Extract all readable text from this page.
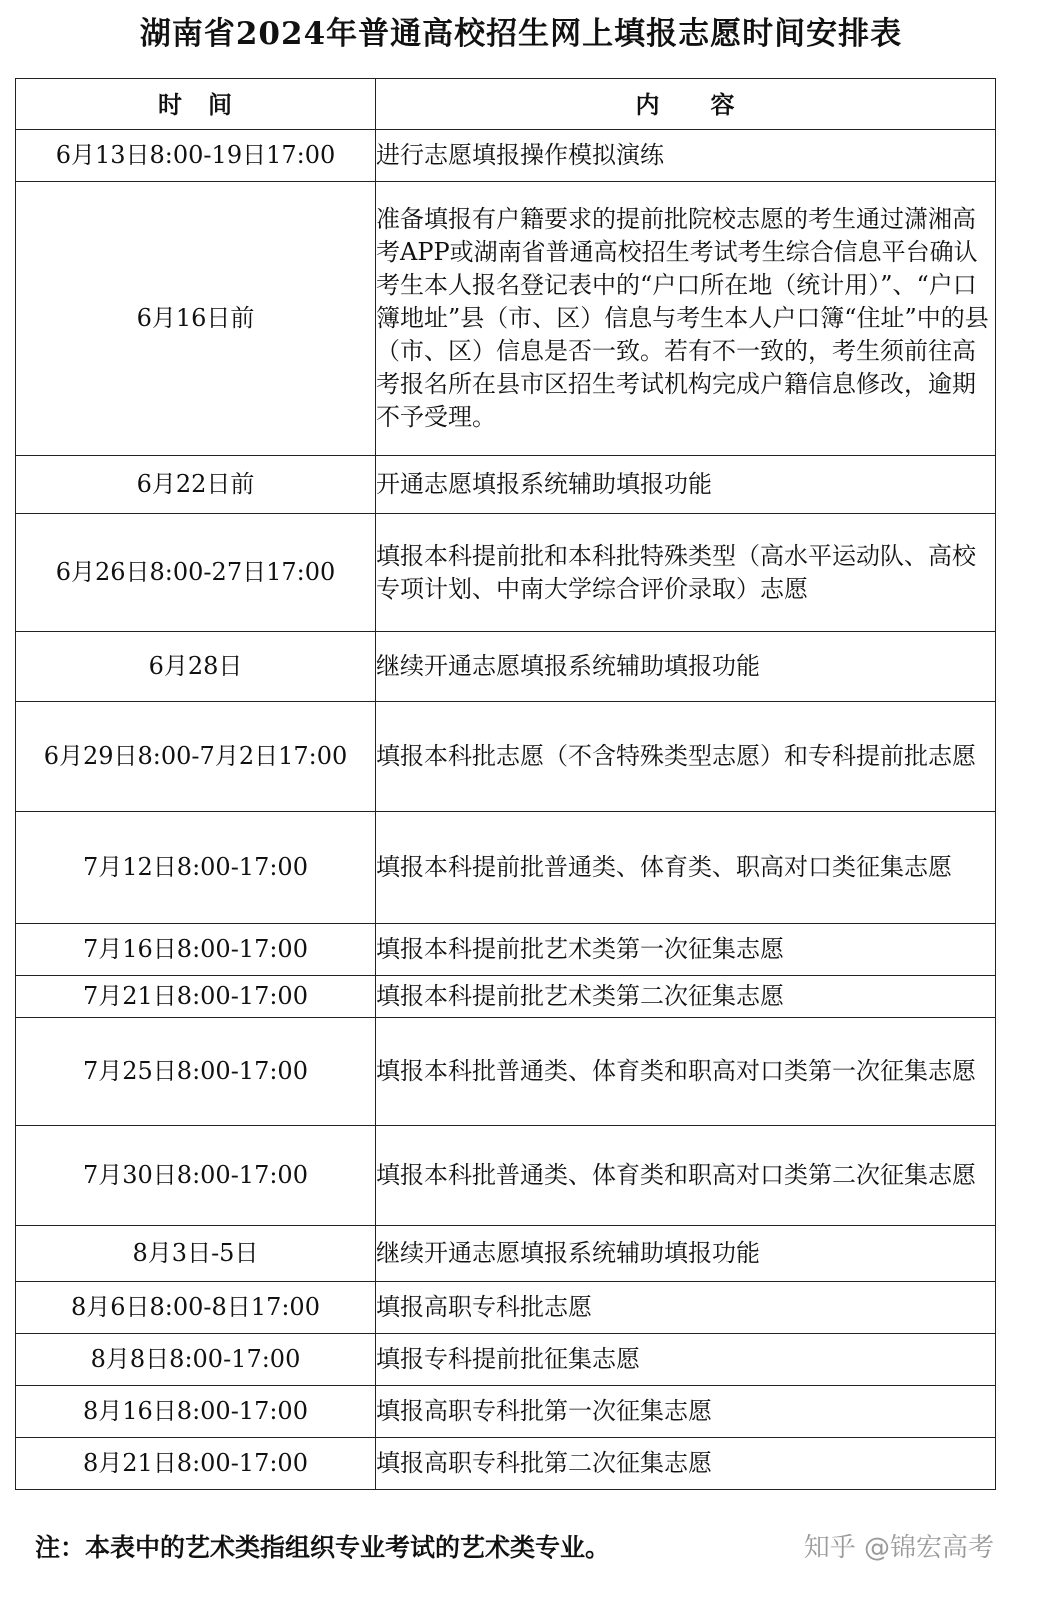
湖南省2024年普通高校招生网上填报志愿时间安排表
时　间	内　　容
6月13日8:00-19日17:00	进行志愿填报操作模拟演练
6月16日前	准备填报有户籍要求的提前批院校志愿的考生通过潇湘高考APP或湖南省普通高校招生考试考生综合信息平台确认考生本人报名登记表中的“户口所在地（统计用）”、“户口簿地址”县（市、区）信息与考生本人户口簿“住址”中的县（市、区）信息是否一致。若有不一致的，考生须前往高考报名所在县市区招生考试机构完成户籍信息修改，逾期不予受理。
6月22日前	开通志愿填报系统辅助填报功能
6月26日8:00-27日17:00	填报本科提前批和本科批特殊类型（高水平运动队、高校专项计划、中南大学综合评价录取）志愿
6月28日	继续开通志愿填报系统辅助填报功能
6月29日8:00-7月2日17:00	填报本科批志愿（不含特殊类型志愿）和专科提前批志愿
7月12日8:00-17:00	填报本科提前批普通类、体育类、职高对口类征集志愿
7月16日8:00-17:00	填报本科提前批艺术类第一次征集志愿
7月21日8:00-17:00	填报本科提前批艺术类第二次征集志愿
7月25日8:00-17:00	填报本科批普通类、体育类和职高对口类第一次征集志愿
7月30日8:00-17:00	填报本科批普通类、体育类和职高对口类第二次征集志愿
8月3日-5日	继续开通志愿填报系统辅助填报功能
8月6日8:00-8日17:00	填报高职专科批志愿
8月8日8:00-17:00	填报专科提前批征集志愿
8月16日8:00-17:00	填报高职专科批第一次征集志愿
8月21日8:00-17:00	填报高职专科批第二次征集志愿
注：本表中的艺术类指组织专业考试的艺术类专业。	知乎 @锦宏高考
